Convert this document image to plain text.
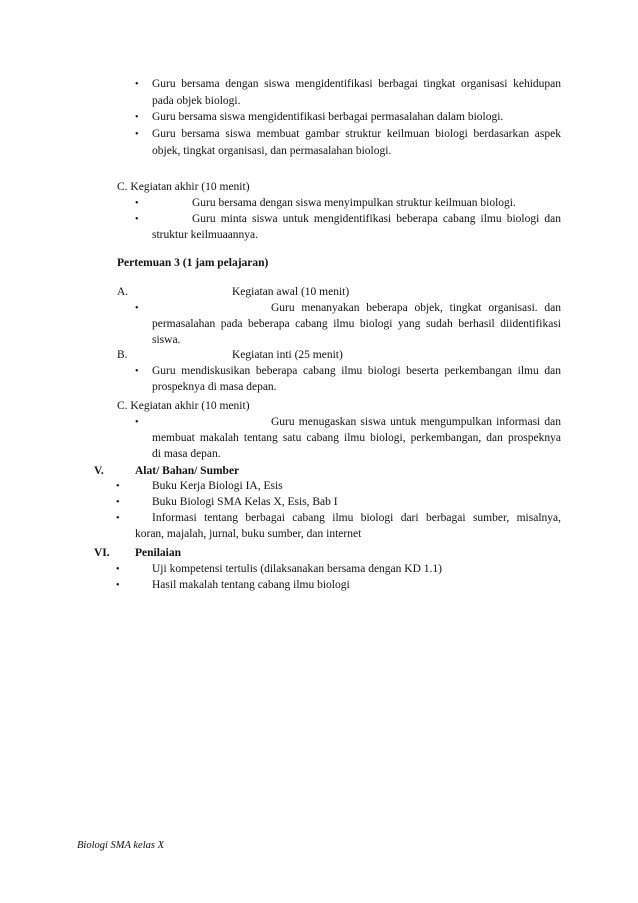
• Guru bersama dengan siswa mengidentifikasi berbagai tingkat organisasi kehidupan
pada objek biologi.
• Guru bersama siswa mengidentifikasi berbagai permasalahan dalam biologi.
• Guru bersama siswa membuat gambar struktur keilmuan biologi berdasarkan aspek
objek, tingkat organisasi, dan permasalahan biologi.
C. Kegiatan akhir (10 menit)
•	Guru bersama dengan siswa menyimpulkan struktur keilmuan biologi.
•	Guru minta siswa untuk mengidentifikasi beberapa cabang ilmu biologi dan
struktur keilmuaannya.
Pertemuan 3 (1 jam pelajaran)
A.	Kegiatan awal (10 menit)
•	Guru menanyakan beberapa objek, tingkat organisasi. dan
permasalahan pada beberapa cabang ilmu biologi yang sudah berhasil diidentifikasi
siswa.
B.	Kegiatan inti (25 menit)
• Guru mendiskusikan beberapa cabang ilmu biologi beserta perkembangan ilmu dan
prospeknya di masa depan.
C. Kegiatan akhir (10 menit)
•	Guru menugaskan siswa untuk mengumpulkan informasi dan
membuat makalah tentang satu cabang ilmu biologi, perkembangan, dan prospeknya
di masa depan.
V.	Alat/ Bahan/ Sumber
•	Buku Kerja Biologi IA, Esis
•	Buku Biologi SMA Kelas X, Esis, Bab I
•	Informasi tentang berbagai cabang ilmu biologi dari berbagai sumber, misalnya,
koran, majalah, jurnal, buku sumber, dan internet
VI. Penilaian
•	Uji kompetensi tertulis (dilaksanakan bersama dengan KD 1.1)
•	Hasil makalah tentang cabang ilmu biologi
Biologi SMA kelas X
